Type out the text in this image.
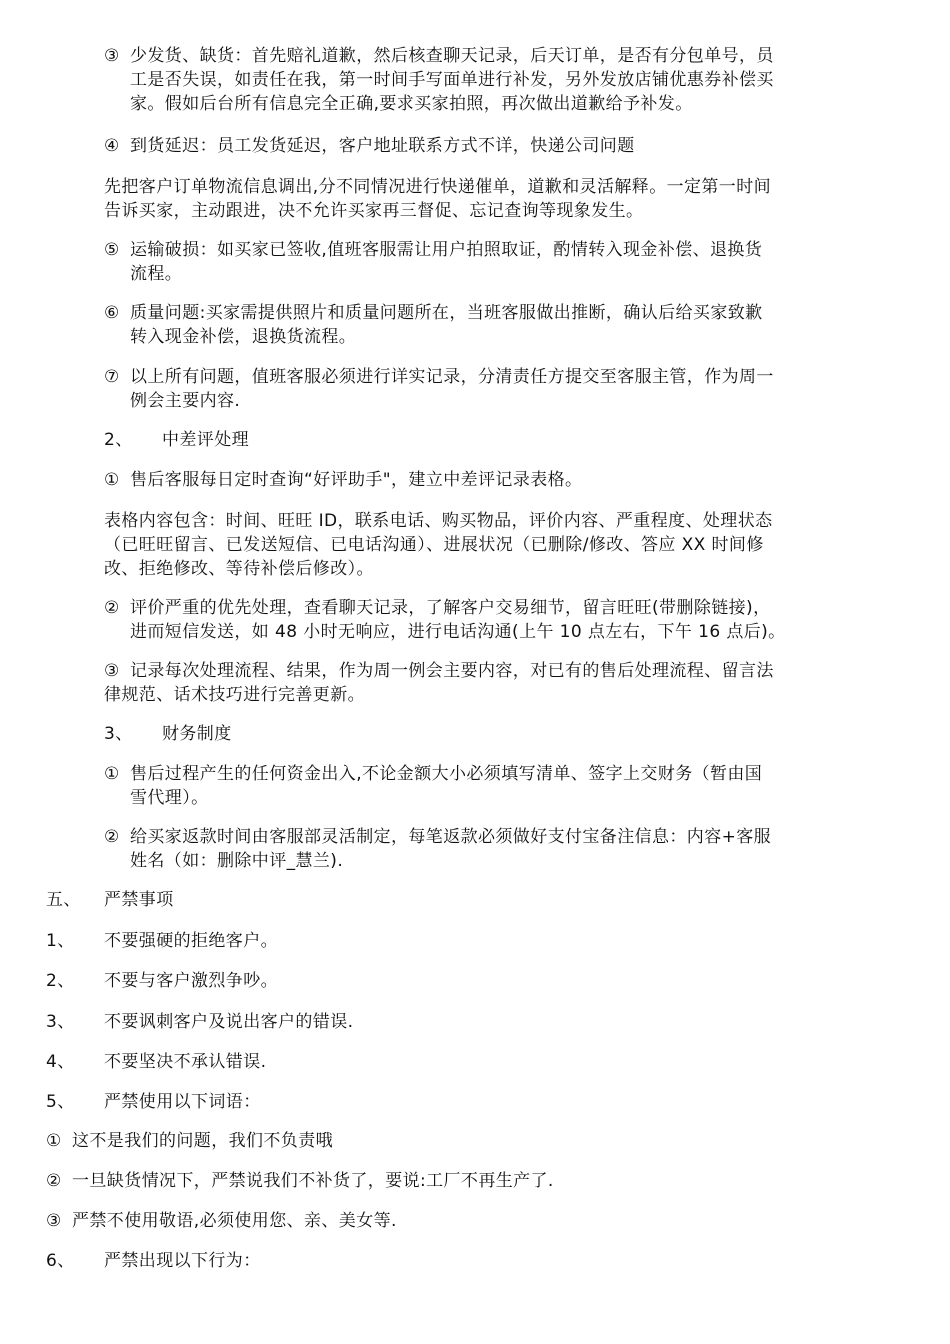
③ 少发货、缺货：首先赔礼道歉，然后核查聊天记录，后天订单，是否有分包单号，员
工是否失误，如责任在我，第一时间手写面单进行补发，另外发放店铺优惠券补偿买
家。假如后台所有信息完全正确,要求买家拍照，再次做出道歉给予补发。
④ 到货延迟：员工发货延迟，客户地址联系方式不详，快递公司问题
先把客户订单物流信息调出,分不同情况进行快递催单，道歉和灵活解释。一定第一时间
告诉买家，主动跟进，决不允许买家再三督促、忘记查询等现象发生。
⑤ 运输破损：如买家已签收,值班客服需让用户拍照取证，酌情转入现金补偿、退换货
流程。
⑥ 质量问题:买家需提供照片和质量问题所在，当班客服做出推断，确认后给买家致歉
转入现金补偿，退换货流程。
⑦ 以上所有问题，值班客服必须进行详实记录，分清责任方提交至客服主管，作为周一
例会主要内容.
2、 中差评处理
① 售后客服每日定时查询“好评助手"，建立中差评记录表格。
表格内容包含：时间、旺旺 ID，联系电话、购买物品，评价内容、严重程度、处理状态
（已旺旺留言、已发送短信、已电话沟通）、进展状况（已删除/修改、答应 XX 时间修
改、拒绝修改、等待补偿后修改）。
② 评价严重的优先处理，查看聊天记录，了解客户交易细节，留言旺旺(带删除链接)，
进而短信发送，如 48 小时无响应，进行电话沟通(上午 10 点左右，下午 16 点后)。
③ 记录每次处理流程、结果，作为周一例会主要内容，对已有的售后处理流程、留言法
律规范、话术技巧进行完善更新。
3、 财务制度
① 售后过程产生的任何资金出入,不论金额大小必须填写清单、签字上交财务（暂由国
雪代理）。
② 给买家返款时间由客服部灵活制定，每笔返款必须做好支付宝备注信息：内容+客服
姓名（如：删除中评_慧兰).
五、 严禁事项
1、 不要强硬的拒绝客户。
2、 不要与客户激烈争吵。
3、 不要讽刺客户及说出客户的错误.
4、 不要坚决不承认错误.
5、 严禁使用以下词语：
① 这不是我们的问题，我们不负责哦
② 一旦缺货情况下，严禁说我们不补货了，要说:工厂不再生产了.
③ 严禁不使用敬语,必须使用您、亲、美女等.
6、 严禁出现以下行为：
